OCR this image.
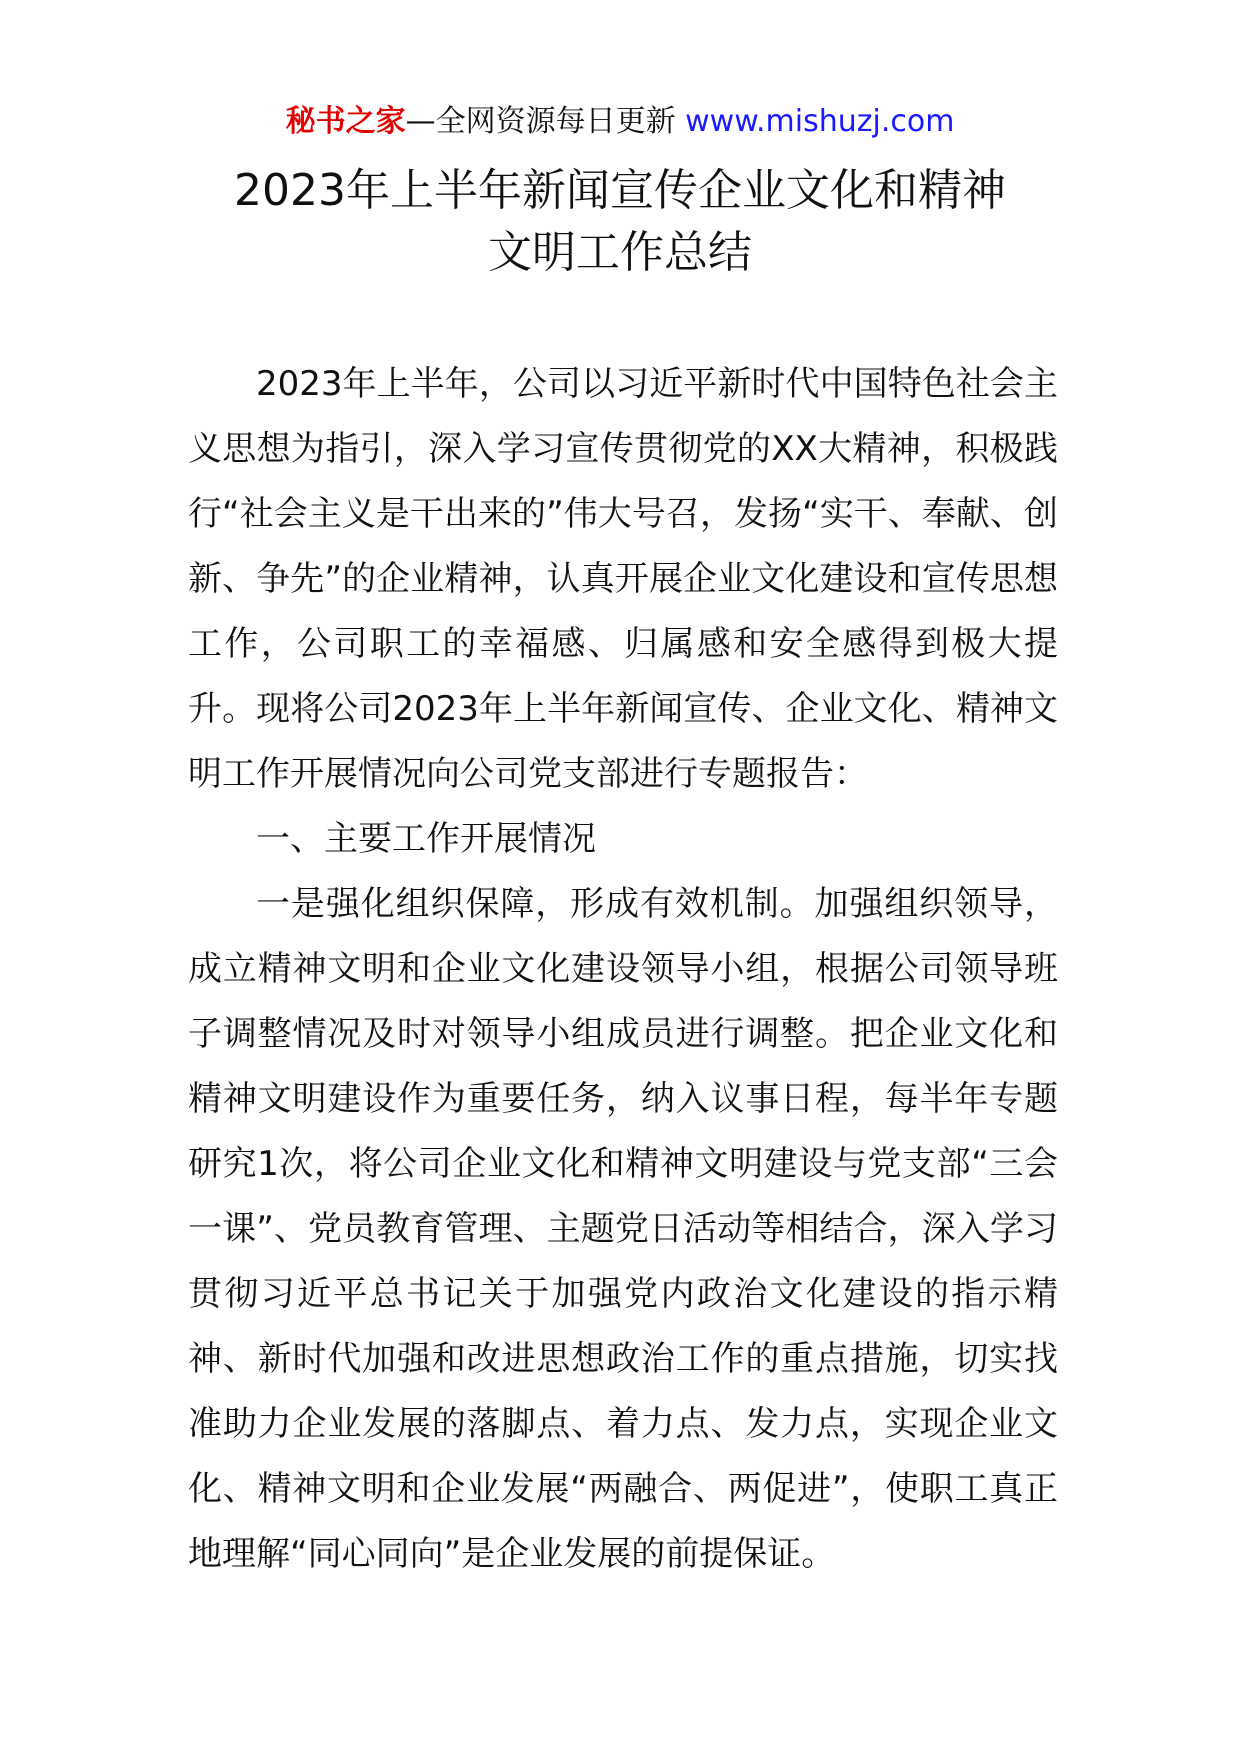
秘书之家—全网资源每日更新 www.mishuzj.com
2023年上半年新闻宣传企业文化和精神
文明工作总结

2023年上半年，公司以习近平新时代中国特色社会主义思想为指引，深入学习宣传贯彻党的XX大精神，积极践行“社会主义是干出来的”伟大号召，发扬“实干、奉献、创新、争先”的企业精神，认真开展企业文化建设和宣传思想工作，公司职工的幸福感、归属感和安全感得到极大提升。现将公司2023年上半年新闻宣传、企业文化、精神文明工作开展情况向公司党支部进行专题报告：

一、主要工作开展情况

一是强化组织保障，形成有效机制。加强组织领导，成立精神文明和企业文化建设领导小组，根据公司领导班子调整情况及时对领导小组成员进行调整。把企业文化和精神文明建设作为重要任务，纳入议事日程，每半年专题研究1次，将公司企业文化和精神文明建设与党支部“三会一课”、党员教育管理、主题党日活动等相结合，深入学习贯彻习近平总书记关于加强党内政治文化建设的指示精神、新时代加强和改进思想政治工作的重点措施，切实找准助力企业发展的落脚点、着力点、发力点，实现企业文化、精神文明和企业发展“两融合、两促进”，使职工真正地理解“同心同向”是企业发展的前提保证。
